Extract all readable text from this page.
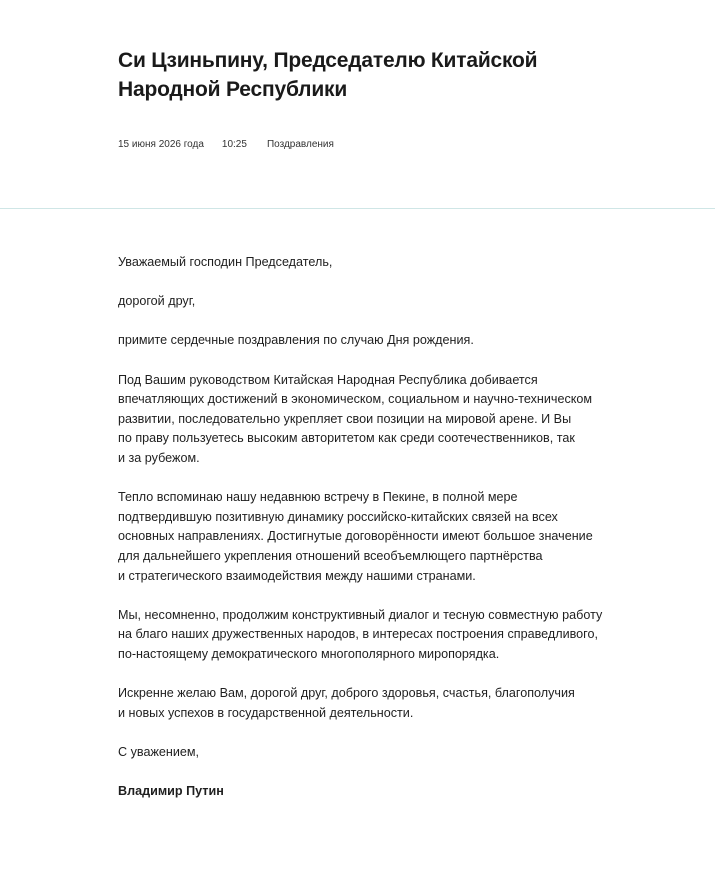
Си Цзиньпину, Председателю Китайской
Народной Республики
15 июня 2026 года 10:25 Поздравления

Уважаемый господин Председатель,

дорогой друг,

примите сердечные поздравления по случаю Дня рождения.

Под Вашим руководством Китайская Народная Республика добивается
впечатляющих достижений в экономическом, социальном и научно-техническом
развитии, последовательно укрепляет свои позиции на мировой арене. И Вы
по праву пользуетесь высоким авторитетом как среди соотечественников, так
и за рубежом.

Тепло вспоминаю нашу недавнюю встречу в Пекине, в полной мере
подтвердившую позитивную динамику российско-китайских связей на всех
основных направлениях. Достигнутые договорённости имеют большое значение
для дальнейшего укрепления отношений всеобъемлющего партнёрства
и стратегического взаимодействия между нашими странами.

Мы, несомненно, продолжим конструктивный диалог и тесную совместную работу
на благо наших дружественных народов, в интересах построения справедливого,
по-настоящему демократического многополярного миропорядка.

Искренне желаю Вам, дорогой друг, доброго здоровья, счастья, благополучия
и новых успехов в государственной деятельности.

С уважением,

Владимир Путин
